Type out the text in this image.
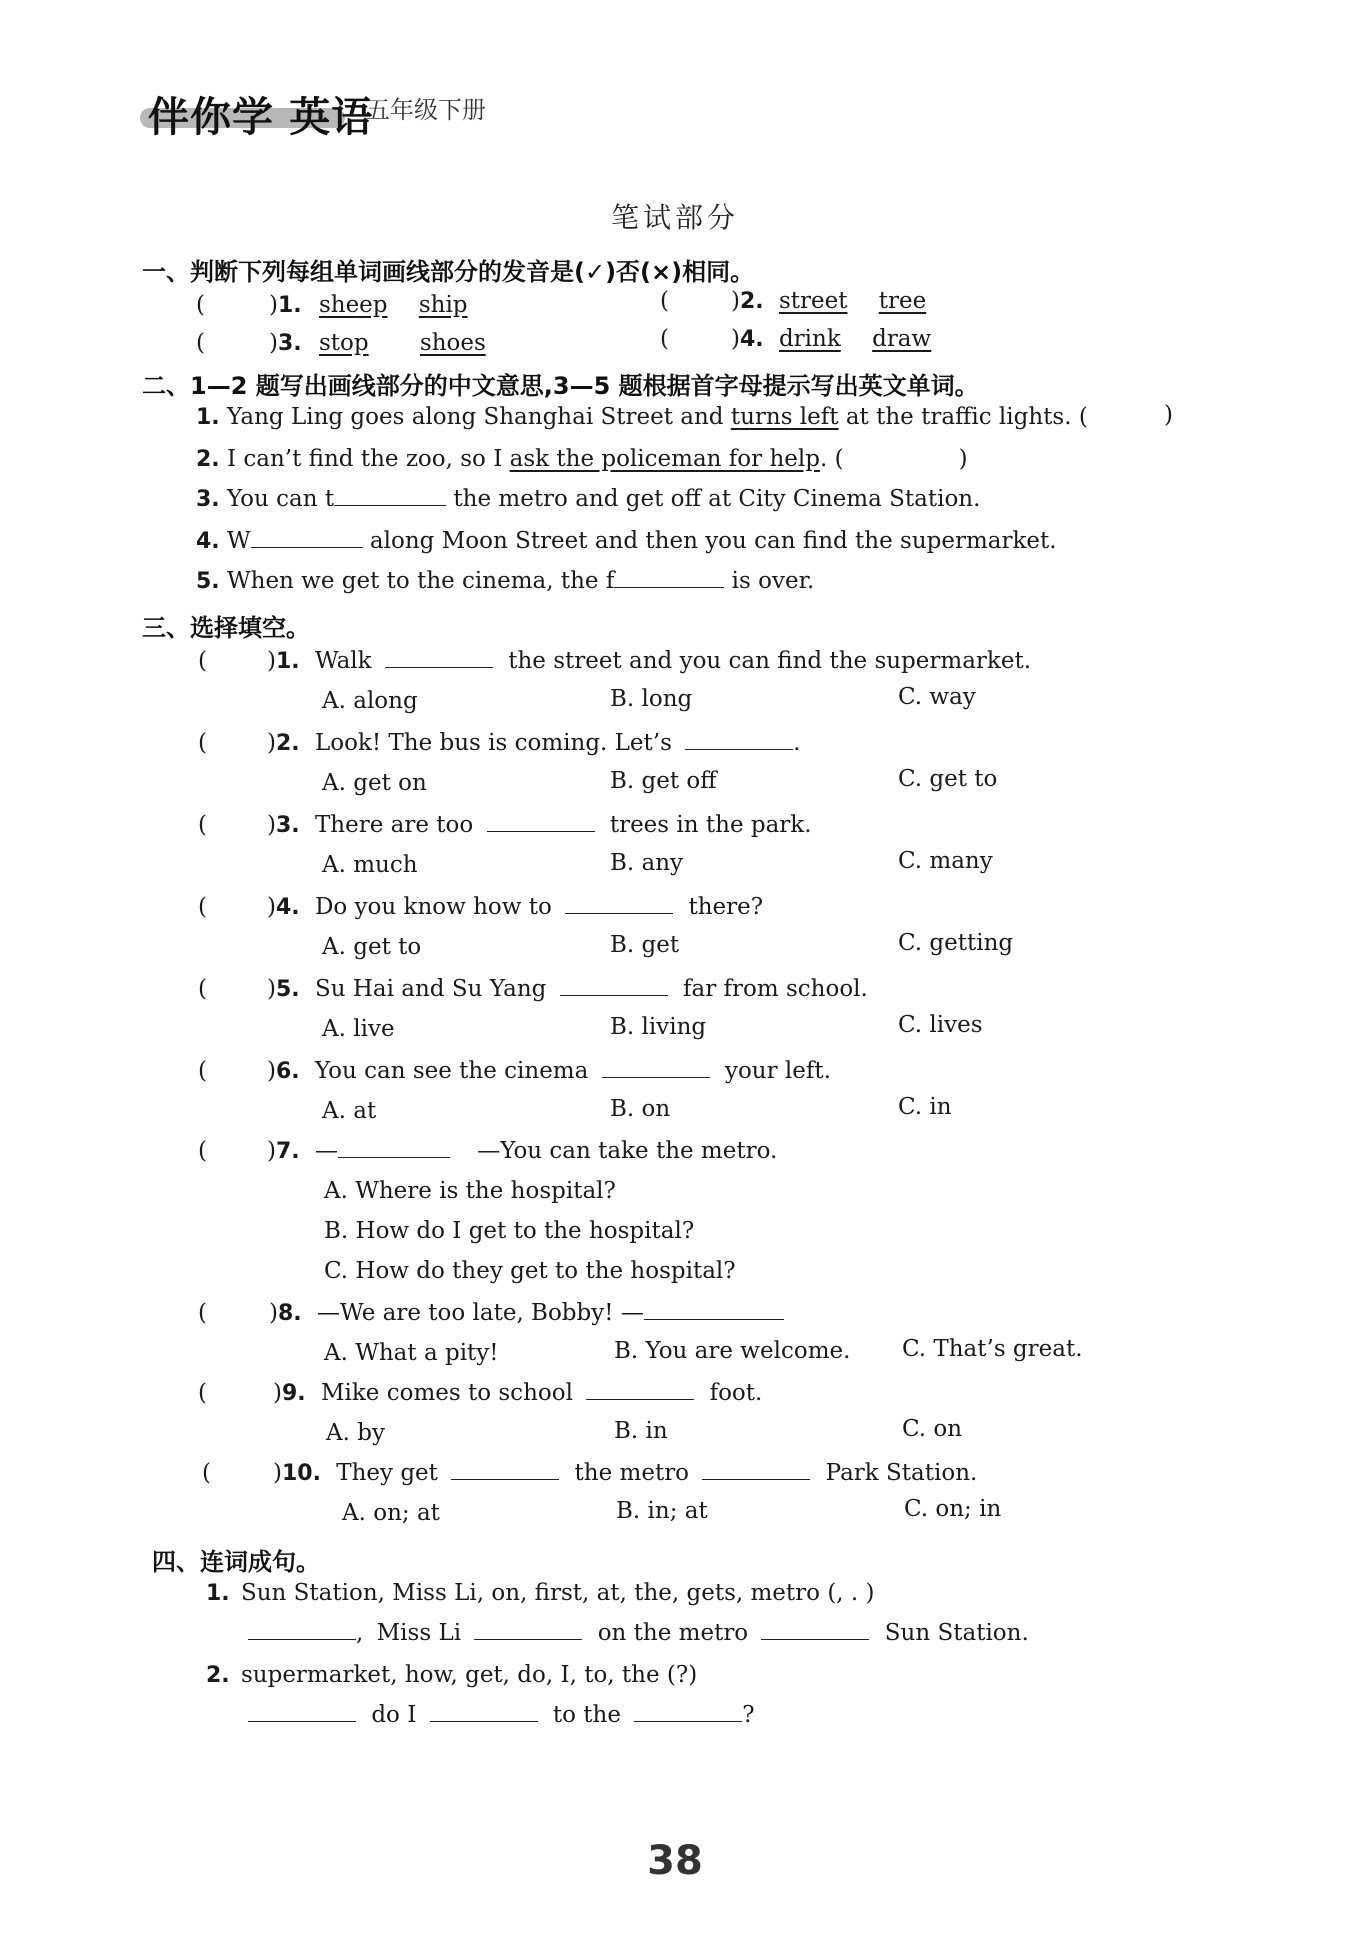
伴你学 英语
五年级下册
笔试部分
一、判断下列每组单词画线部分的发音是(✓)否(×)相同。
(	)1. sheep ship	(	)2. street tree
(	)3. stop shoes	(	)4. drink draw
二、1—2 题写出画线部分的中文意思,3—5 题根据首字母提示写出英文单词。
1. Yang Ling goes along Shanghai Street and turns left at the traffic lights. (	)
2. I can’t find the zoo, so I ask the policeman for help. (	)
3. You can t	the metro and get off at City Cinema Station.
4. W	along Moon Street and then you can find the supermarket.
5. When we get to the cinema, the f	is over.
三、选择填空。
(	)1. Walk	the street and you can find the supermarket.
A. along	B. long	C. way
(	)2. Look! The bus is coming. Let’s	.
A. get on	B. get off	C. get to
(	)3. There are too	trees in the park.
A. much	B. any	C. many
(	)4. Do you know how to	there?
A. get to	B. get	C. getting
(	)5. Su Hai and Su Yang	far from school.
A. live	B. living	C. lives
(	)6. You can see the cinema	your left.
A. at	B. on	C. in
(	)7. —	—You can take the metro.
A. Where is the hospital?
B. How do I get to the hospital?
C. How do they get to the hospital?
(	)8. —We are too late, Bobby! —
A. What a pity!	B. You are welcome. C. That’s great.
(	)9. Mike comes to school	foot.
A. by	B. in	C. on
(	)10. They get	the metro	Park Station.
A. on; at	B. in; at	C. on; in
四、连词成句。
1. Sun Station, Miss Li, on, first, at, the, gets, metro (, . )
, Miss Li	on the metro	Sun Station.
2. supermarket, how, get, do, I, to, the (?)
do I	to the	?
38
